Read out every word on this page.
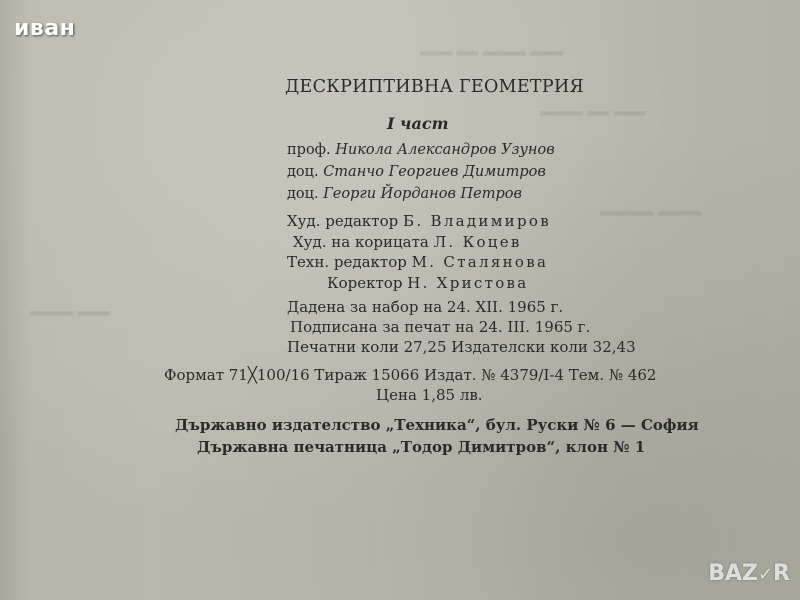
▂▂▂ ▂▂ ▂▂▂▂ ▂▂▂
▂▂▂▂ ▂▂ ▂▂▂
▂▂▂▂▂ ▂▂▂▂
▂▂▂▂ ▂▂▂
иван
ДЕСКРИПТИВНА ГЕОМЕТРИЯ
I част
проф. Никола Александров Узунов
доц. Станчо Георгиев Димитров
доц. Георги Йорданов Петров
Худ. редактор Б. Владимиров
Худ. на корицата Л. Коцев
Техн. редактор М. Сталянова
Коректор Н. Христова
Дадена за набор на 24. XII. 1965 г.
Подписана за печат на 24. III. 1965 г.
Печатни коли 27,25 Издателски коли 32,43
Формат 71╳100/16 Тираж 15066 Издат. № 4379/I-4 Тем. № 462
Цена 1,85 лв.
Държавно издателство „Техника“, бул. Руски № 6 — София
Държавна печатница „Тодор Димитров“, клон № 1
BAZ✓R
